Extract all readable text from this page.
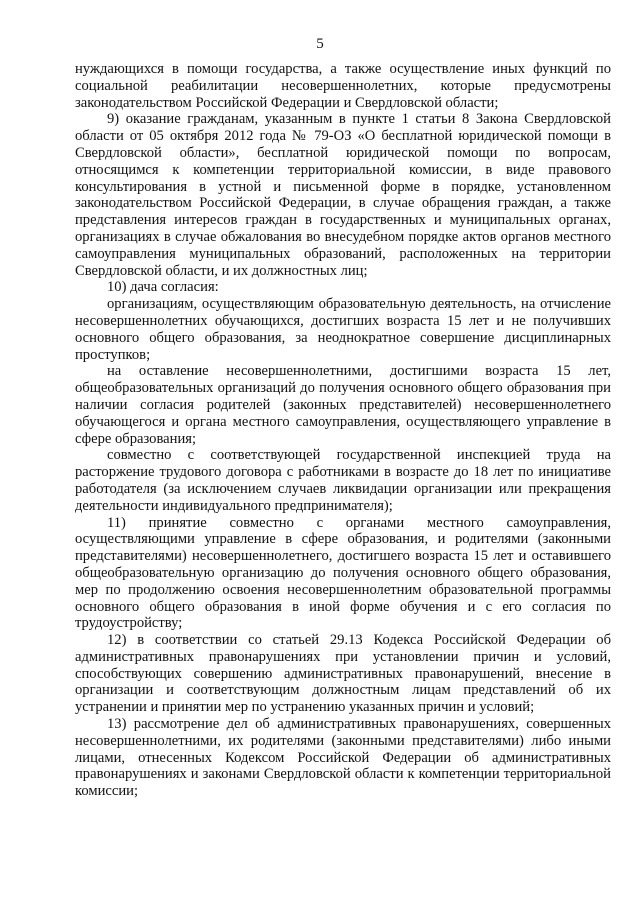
5

нуждающихся в помощи государства, а также осуществление иных функций по социальной реабилитации несовершеннолетних, которые предусмотрены законодательством Российской Федерации и Свердловской области;

9) оказание гражданам, указанным в пункте 1 статьи 8 Закона Свердловской области от 05 октября 2012 года № 79-ОЗ «О бесплатной юридической помощи в Свердловской области», бесплатной юридической помощи по вопросам, относящимся к компетенции территориальной комиссии, в виде правового консультирования в устной и письменной форме в порядке, установленном законодательством Российской Федерации, в случае обращения граждан, а также представления интересов граждан в государственных и муниципальных органах, организациях в случае обжалования во внесудебном порядке актов органов местного самоуправления муниципальных образований, расположенных на территории Свердловской области, и их должностных лиц;

10) дача согласия:

организациям, осуществляющим образовательную деятельность, на отчисление несовершеннолетних обучающихся, достигших возраста 15 лет и не получивших основного общего образования, за неоднократное совершение дисциплинарных проступков;

на оставление несовершеннолетними, достигшими возраста 15 лет, общеобразовательных организаций до получения основного общего образования при наличии согласия родителей (законных представителей) несовершеннолетнего обучающегося и органа местного самоуправления, осуществляющего управление в сфере образования;

совместно с соответствующей государственной инспекцией труда на расторжение трудового договора с работниками в возрасте до 18 лет по инициативе работодателя (за исключением случаев ликвидации организации или прекращения деятельности индивидуального предпринимателя);

11) принятие совместно с органами местного самоуправления, осуществляющими управление в сфере образования, и родителями (законными представителями) несовершеннолетнего, достигшего возраста 15 лет и оставившего общеобразовательную организацию до получения основного общего образования, мер по продолжению освоения несовершеннолетним образовательной программы основного общего образования в иной форме обучения и с его согласия по трудоустройству;

12) в соответствии со статьей 29.13 Кодекса Российской Федерации об административных правонарушениях при установлении причин и условий, способствующих совершению административных правонарушений, внесение в организации и соответствующим должностным лицам представлений об их устранении и принятии мер по устранению указанных причин и условий;

13) рассмотрение дел об административных правонарушениях, совершенных несовершеннолетними, их родителями (законными представителями) либо иными лицами, отнесенных Кодексом Российской Федерации об административных правонарушениях и законами Свердловской области к компетенции территориальной комиссии;
